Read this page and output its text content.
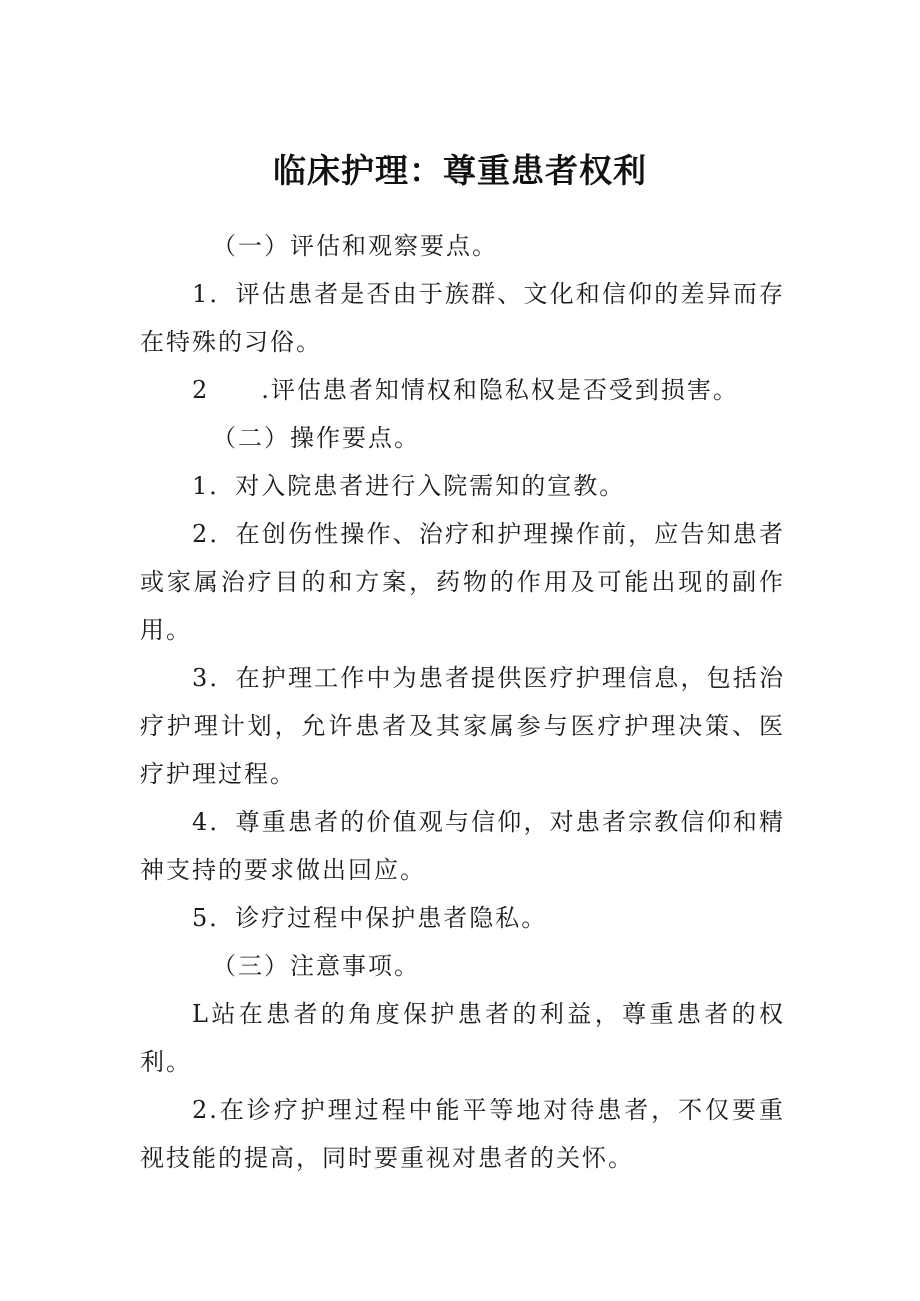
临床护理：尊重患者权利

（一）评估和观察要点。

1．评估患者是否由于族群、文化和信仰的差异而存在特殊的习俗。

2　　.评估患者知情权和隐私权是否受到损害。

（二）操作要点。

1．对入院患者进行入院需知的宣教。

2．在创伤性操作、治疗和护理操作前，应告知患者或家属治疗目的和方案，药物的作用及可能出现的副作用。

3．在护理工作中为患者提供医疗护理信息，包括治疗护理计划，允许患者及其家属参与医疗护理决策、医疗护理过程。

4．尊重患者的价值观与信仰，对患者宗教信仰和精神支持的要求做出回应。

5．诊疗过程中保护患者隐私。

（三）注意事项。

L站在患者的角度保护患者的利益，尊重患者的权利。

2.在诊疗护理过程中能平等地对待患者，不仅要重视技能的提高，同时要重视对患者的关怀。
